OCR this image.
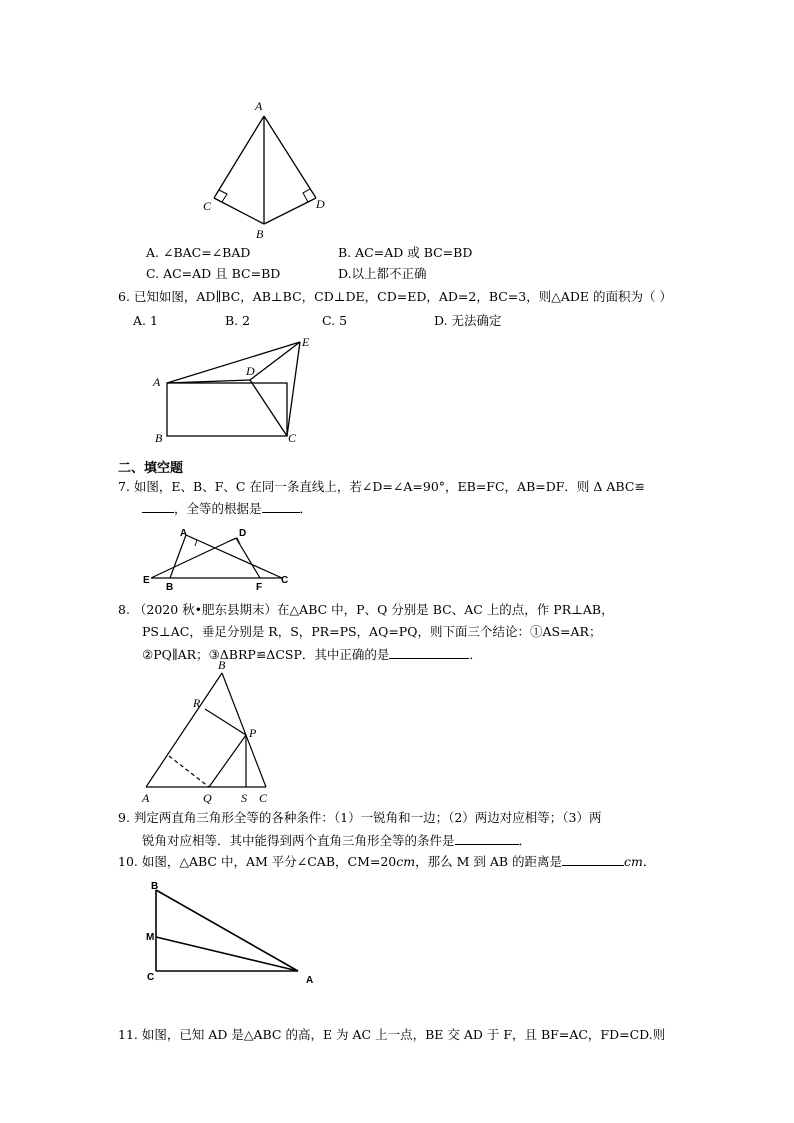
A
C	D
B
A. ∠BAC=∠BAD	B. AC=AD 或 BC=BD
C. AC=AD 且 BC=BD	D.以上都不正确
6. 已知如图，AD∥BC，AB⊥BC，CD⊥DE，CD=ED，AD=2，BC=3，则△ADE 的面积为（ ）
A. 1	B. 2	C. 5	D. 无法确定
A
B	C
D
E
二、填空题
7. 如图，E、B、F、C 在同一条直线上，若∠D=∠A=90°，EB=FC，AB=DF．则 Δ ABC≌
，全等的根据是	．
A	D
E
B	F
C
8. （2020 秋•肥东县期末）在△ABC 中，P、Q 分别是 BC、AC 上的点，作 PR⊥AB，
PS⊥AC，垂足分别是 R，S，PR=PS，AQ=PQ，则下面三个结论：①AS=AR；
②PQ∥AR；③ΔBRP≌ΔCSP．其中正确的是	．
B
R
P
A	Q S C
9. 判定两直角三角形全等的各种条件：（1）一锐角和一边；（2）两边对应相等；（3）两
锐角对应相等．其中能得到两个直角三角形全等的条件是	．
10. 如图，△ABC 中，AM 平分∠CAB，CM=20cm，那么 M 到 AB 的距离是	cm．
B
M
C	A
11. 如图，已知 AD 是△ABC 的高，E 为 AC 上一点，BE 交 AD 于 F，且 BF=AC，FD=CD.则
